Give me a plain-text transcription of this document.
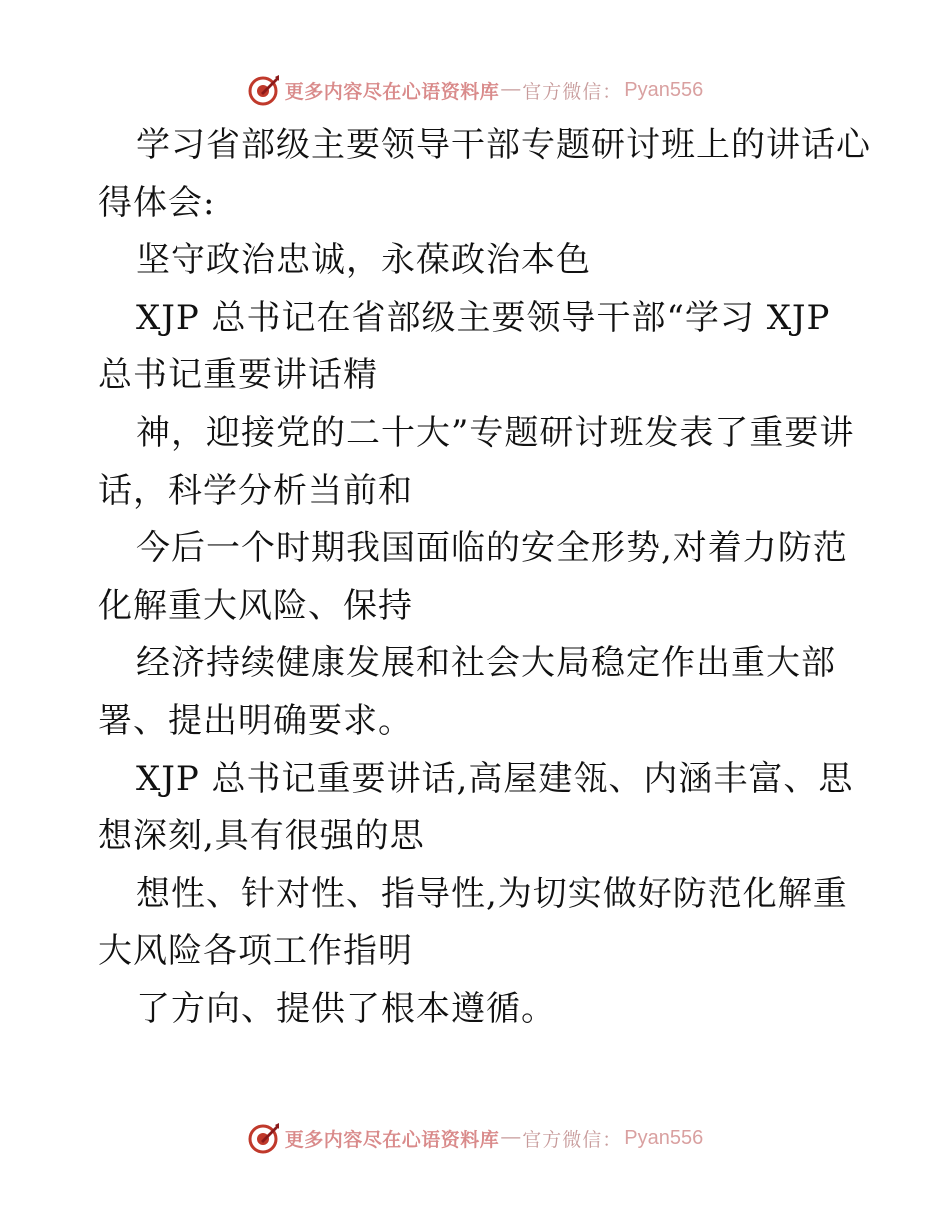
更多内容尽在心语资料库 — 官方微信： Pyan556
学习省部级主要领导干部专题研讨班上的讲话心
得体会:
坚守政治忠诚，永葆政治本色
XJP 总书记在省部级主要领导干部“学习 XJP
总书记重要讲话精
神，迎接党的二十大”专题研讨班发表了重要讲
话，科学分析当前和
今后一个时期我国面临的安全形势,对着力防范
化解重大风险、保持
经济持续健康发展和社会大局稳定作出重大部
署、提出明确要求。
XJP 总书记重要讲话,高屋建瓴、内涵丰富、思
想深刻,具有很强的思
想性、针对性、指导性,为切实做好防范化解重
大风险各项工作指明
了方向、提供了根本遵循。
更多内容尽在心语资料库 — 官方微信： Pyan556
